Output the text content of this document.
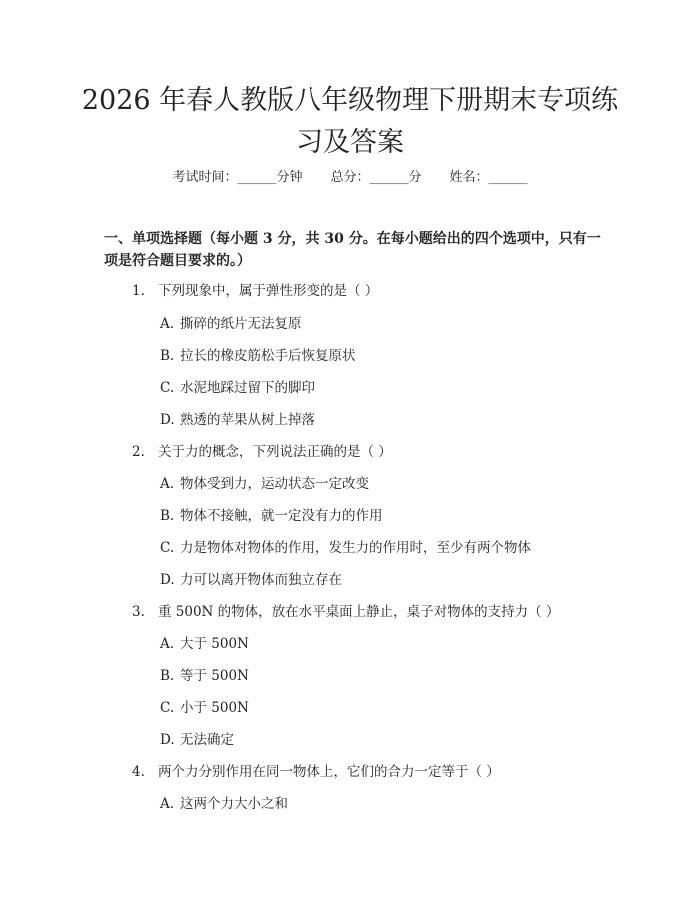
2026 年春人教版八年级物理下册期末专项练
习及答案
考试时间：______分钟 总分：______分 姓名：______

一、单项选择题（每小题 3 分，共 30 分。在每小题给出的四个选项中，只有一项是符合题目要求的。）

1. 下列现象中，属于弹性形变的是（ ）
A. 撕碎的纸片无法复原
B. 拉长的橡皮筋松手后恢复原状
C. 水泥地踩过留下的脚印
D. 熟透的苹果从树上掉落
2. 关于力的概念，下列说法正确的是（ ）
A. 物体受到力，运动状态一定改变
B. 物体不接触，就一定没有力的作用
C. 力是物体对物体的作用，发生力的作用时，至少有两个物体
D. 力可以离开物体而独立存在
3. 重 500N 的物体，放在水平桌面上静止，桌子对物体的支持力（ ）
A. 大于 500N
B. 等于 500N
C. 小于 500N
D. 无法确定
4. 两个力分别作用在同一物体上，它们的合力一定等于（ ）
A. 这两个力大小之和
